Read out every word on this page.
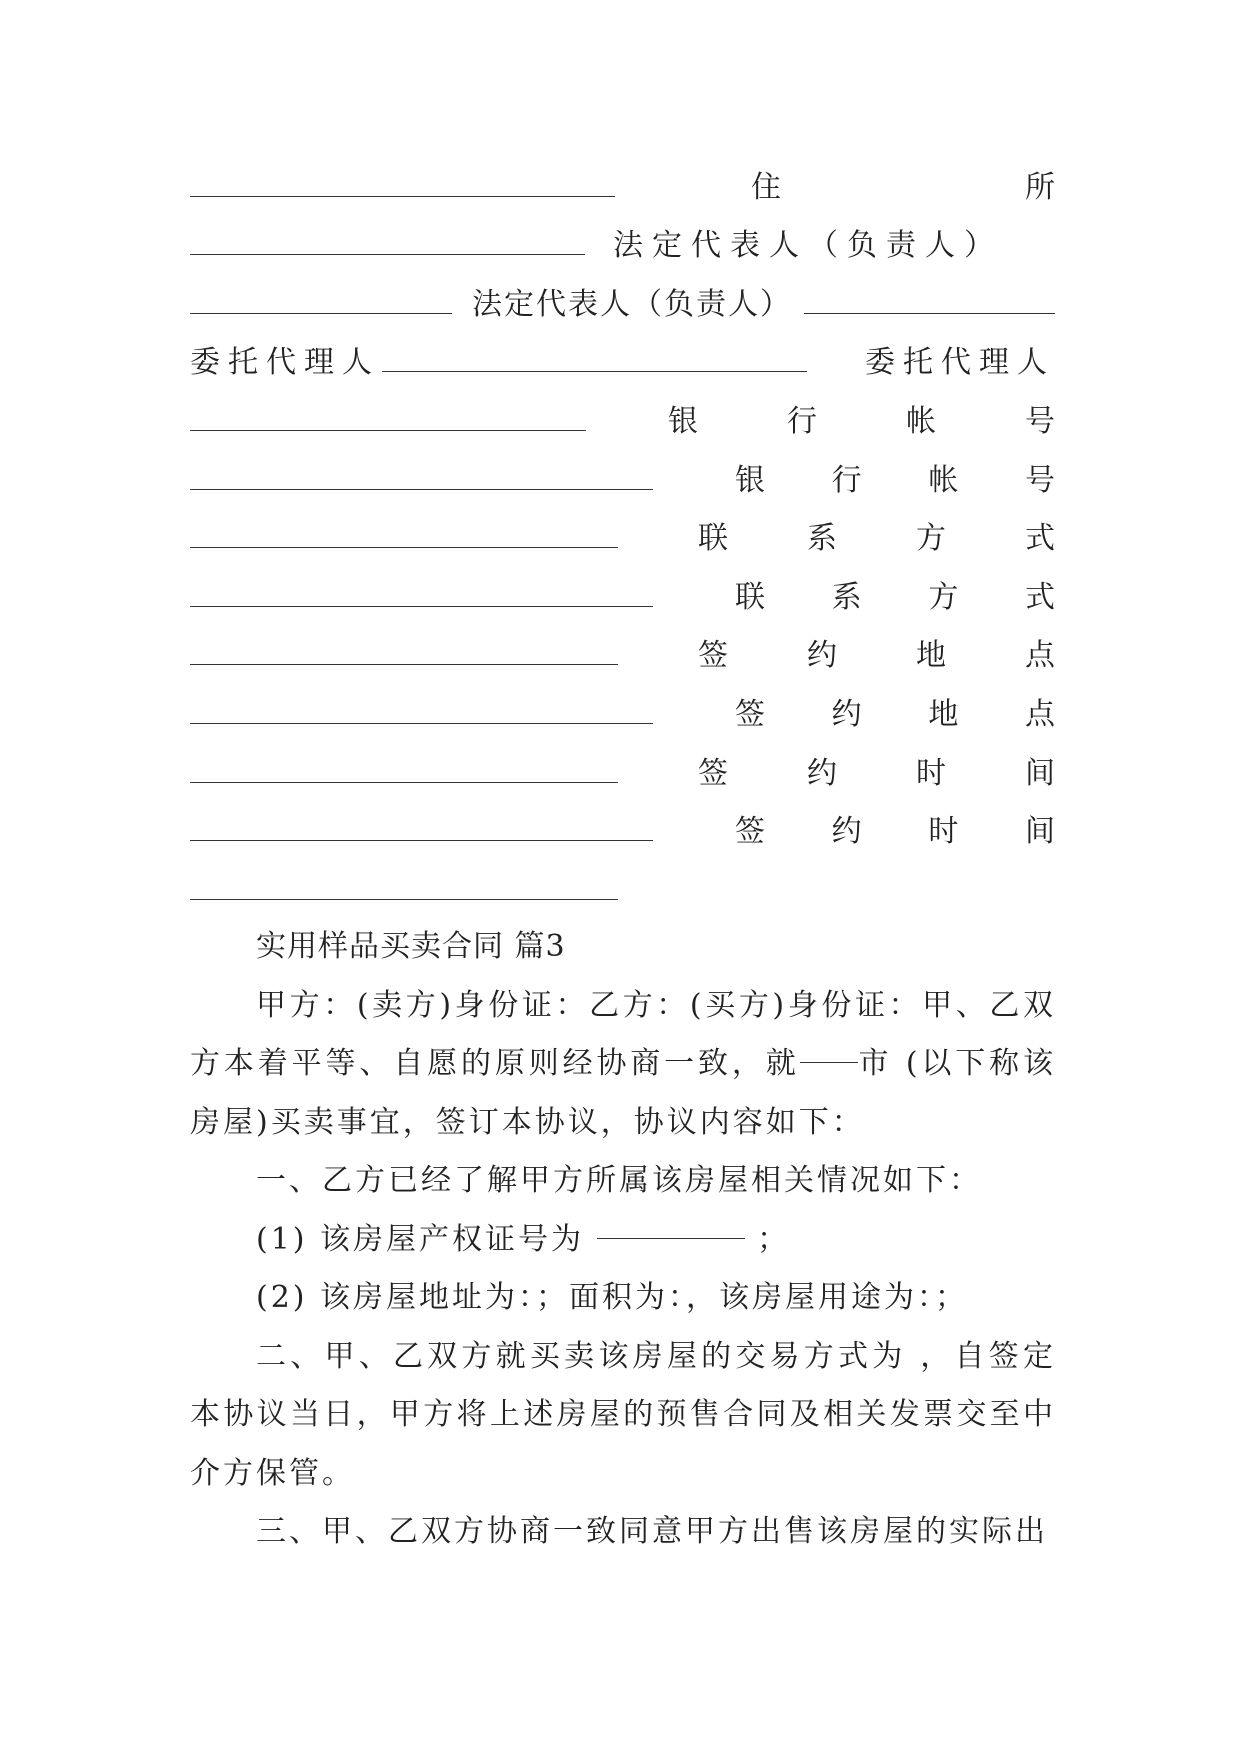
住	所
法定代表人（负责人）
法定代表人（负责人）
委托代理人	委托代理人
银	行	帐	号
银 行 帐 号
联	系	方	式
联 系 方 式
签	约	地	点
签 约 地 点
签	约	时	间
签 约 时 间

实用样品买卖合同 篇3

甲方：(卖方)身份证：乙方：(买方)身份证：甲、乙双方本着平等、自愿的原则经协商一致，就 市 (以下称该房屋)买卖事宜，签订本协议，协议内容如下：

一、乙方已经了解甲方所属该房屋相关情况如下：

(1) 该房屋产权证号为	；

(2) 该房屋地址为：；面积为：，该房屋用途为：；

二、甲、乙双方就买卖该房屋的交易方式为 ，自签定本协议当日，甲方将上述房屋的预售合同及相关发票交至中介方保管。

三、甲、乙双方协商一致同意甲方出售该房屋的实际出
